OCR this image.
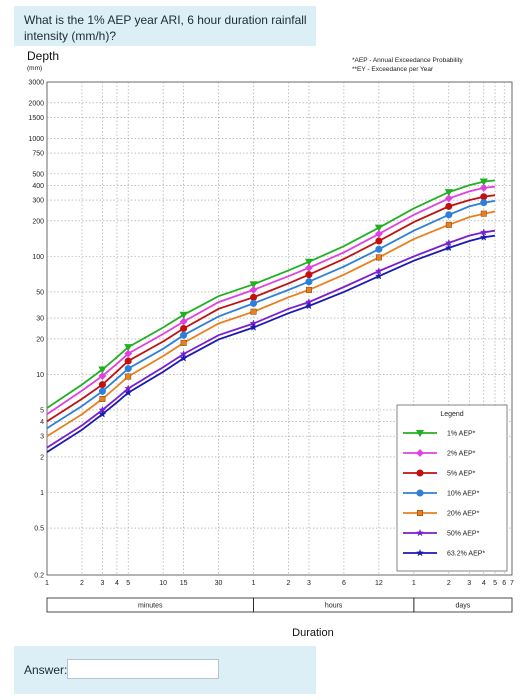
What is the 1% AEP year ARI, 6 hour duration rainfall intensity (mm/h)?
Depth
(mm)
*AEP - Annual Exceedance Probability
**EY - Exceedance per Year
0.2
0.5
1
2
3
4
5
10
20
30
50
100
200
300
400
500
750
1000
1500
2000
3000
1	2 3 4 5	10 15	30	1	2 3	6	12	1	2 3 4 5 6 7
minutes	hours	days
Duration
Legend
1% AEP*
2% AEP*
5% AEP*
10% AEP*
20% AEP*
50% AEP*
63.2% AEP*
Answer:
